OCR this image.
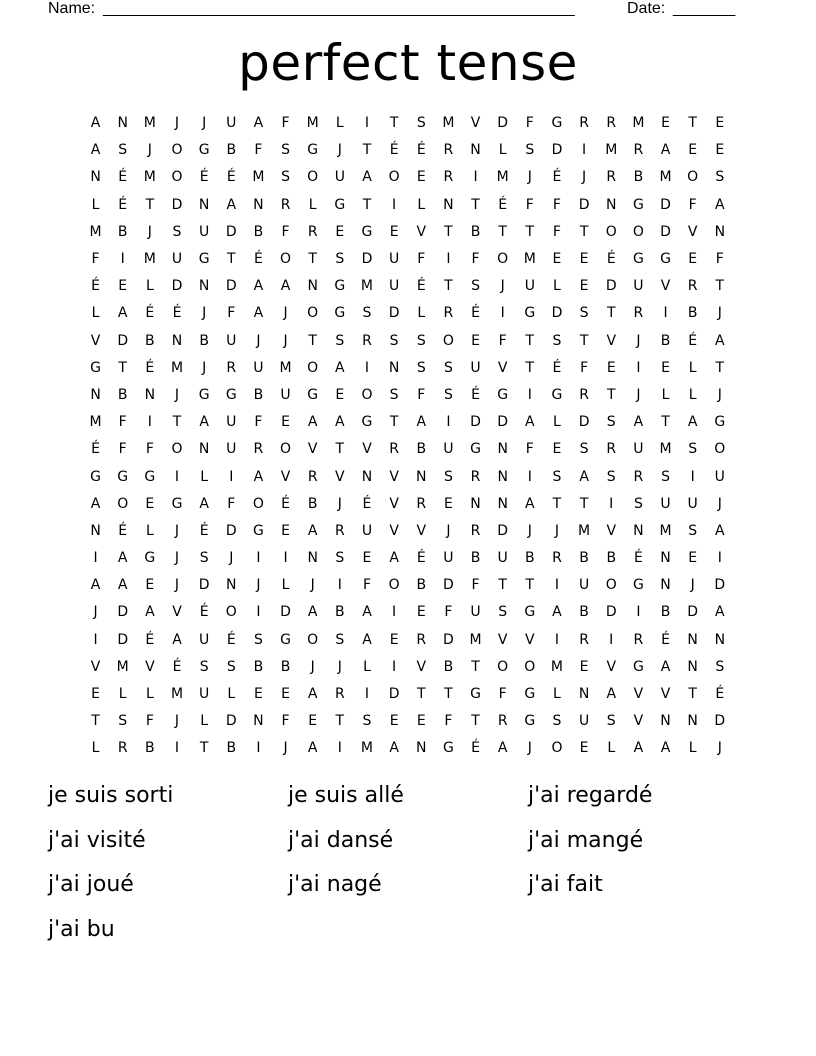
Name: _____________________________________________________	Date: _______
perfect tense
A	N	M	J	J	U	A	F	M	L	I	T	S	M	V	D	F	G	R	R	M	E	T	E
A	S	J	O	G	B	F	S	G	J	T	É	É	R	N	L	S	D	I	M	R	A	E	E
N	É	M	O	É	É	M	S	O	U	A	O	E	R	I	M	J	É	J	R	B	M	O	S
L	É	T	D	N	A	N	R	L	G	T	I	L	N	T	É	F	F	D	N	G	D	F	A
M	B	J	S	U	D	B	F	R	E	G	E	V	T	B	T	T	F	T	O	O	D	V	N
F	I	M	U	G	T	É	O	T	S	D	U	F	I	F	O	M	E	E	É	G	G	E	F
É	E	L	D	N	D	A	A	N	G	M	U	É	T	S	J	U	L	E	D	U	V	R	T
L	A	É	É	J	F	A	J	O	G	S	D	L	R	É	I	G	D	S	T	R	I	B	J
V	D	B	N	B	U	J	J	T	S	R	S	S	O	E	F	T	S	T	V	J	B	É	A
G	T	É	M	J	R	U	M	O	A	I	N	S	S	U	V	T	É	F	E	I	E	L	T
N	B	N	J	G	G	B	U	G	E	O	S	F	S	É	G	I	G	R	T	J	L	L	J
M	F	I	T	A	U	F	E	A	A	G	T	A	I	D	D	A	L	D	S	A	T	A	G
É	F	F	O	N	U	R	O	V	T	V	R	B	U	G	N	F	E	S	R	U	M	S	O
G	G	G	I	L	I	A	V	R	V	N	V	N	S	R	N	I	S	A	S	R	S	I	U
A	O	E	G	A	F	O	É	B	J	É	V	R	E	N	N	A	T	T	I	S	U	U	J
N	É	L	J	É	D	G	E	A	R	U	V	V	J	R	D	J	J	M	V	N	M	S	A
I	A	G	J	S	J	I	I	N	S	E	A	É	U	B	U	B	R	B	B	É	N	E	I
A	A	E	J	D	N	J	L	J	I	F	O	B	D	F	T	T	I	U	O	G	N	J	D
J	D	A	V	É	O	I	D	A	B	A	I	E	F	U	S	G	A	B	D	I	B	D	A
I	D	É	A	U	É	S	G	O	S	A	E	R	D	M	V	V	I	R	I	R	É	N	N
V	M	V	É	S	S	B	B	J	J	L	I	V	B	T	O	O	M	E	V	G	A	N	S
E	L	L	M	U	L	E	E	A	R	I	D	T	T	G	F	G	L	N	A	V	V	T	É
T	S	F	J	L	D	N	F	E	T	S	E	E	F	T	R	G	S	U	S	V	N	N	D
L	R	B	I	T	B	I	J	A	I	M	A	N	G	É	A	J	O	E	L	A	A	L	J
je suis sorti	je suis allé	j'ai regardé
j'ai visité	j'ai dansé	j'ai mangé
j'ai joué	j'ai nagé	j'ai fait
j'ai bu
